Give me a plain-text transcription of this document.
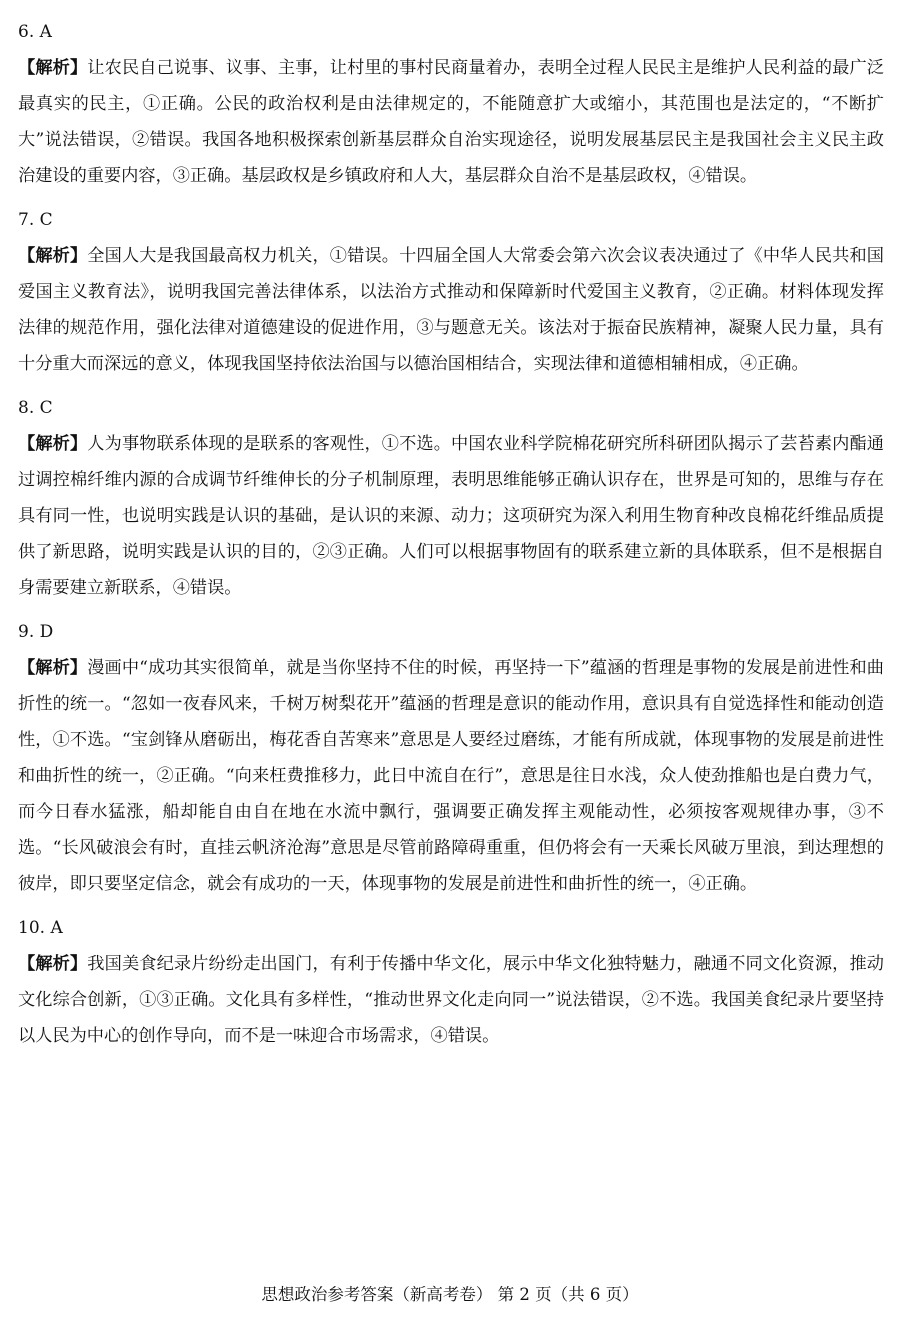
6. A

【解析】让农民自己说事、议事、主事，让村里的事村民商量着办，表明全过程人民民主是维护人民利益的最广泛最真实的民主，①正确。公民的政治权利是由法律规定的，不能随意扩大或缩小，其范围也是法定的，“不断扩大”说法错误，②错误。我国各地积极探索创新基层群众自治实现途径，说明发展基层民主是我国社会主义民主政治建设的重要内容，③正确。基层政权是乡镇政府和人大，基层群众自治不是基层政权，④错误。

7. C

【解析】全国人大是我国最高权力机关，①错误。十四届全国人大常委会第六次会议表决通过了《中华人民共和国爱国主义教育法》，说明我国完善法律体系，以法治方式推动和保障新时代爱国主义教育，②正确。材料体现发挥法律的规范作用，强化法律对道德建设的促进作用，③与题意无关。该法对于振奋民族精神，凝聚人民力量，具有十分重大而深远的意义，体现我国坚持依法治国与以德治国相结合，实现法律和道德相辅相成，④正确。

8. C

【解析】人为事物联系体现的是联系的客观性，①不选。中国农业科学院棉花研究所科研团队揭示了芸苔素内酯通过调控棉纤维内源的合成调节纤维伸长的分子机制原理，表明思维能够正确认识存在，世界是可知的，思维与存在具有同一性，也说明实践是认识的基础，是认识的来源、动力；这项研究为深入利用生物育种改良棉花纤维品质提供了新思路，说明实践是认识的目的，②③正确。人们可以根据事物固有的联系建立新的具体联系，但不是根据自身需要建立新联系，④错误。

9. D

【解析】漫画中“成功其实很简单，就是当你坚持不住的时候，再坚持一下”蕴涵的哲理是事物的发展是前进性和曲折性的统一。“忽如一夜春风来，千树万树梨花开”蕴涵的哲理是意识的能动作用，意识具有自觉选择性和能动创造性，①不选。“宝剑锋从磨砺出，梅花香自苦寒来”意思是人要经过磨练，才能有所成就，体现事物的发展是前进性和曲折性的统一，②正确。“向来枉费推移力，此日中流自在行”，意思是往日水浅，众人使劲推船也是白费力气，而今日春水猛涨，船却能自由自在地在水流中飘行，强调要正确发挥主观能动性，必须按客观规律办事，③不选。“长风破浪会有时，直挂云帆济沧海”意思是尽管前路障碍重重，但仍将会有一天乘长风破万里浪，到达理想的彼岸，即只要坚定信念，就会有成功的一天，体现事物的发展是前进性和曲折性的统一，④正确。

10. A

【解析】我国美食纪录片纷纷走出国门，有利于传播中华文化，展示中华文化独特魅力，融通不同文化资源，推动文化综合创新，①③正确。文化具有多样性，“推动世界文化走向同一”说法错误，②不选。我国美食纪录片要坚持以人民为中心的创作导向，而不是一味迎合市场需求，④错误。

思想政治参考答案（新高考卷） 第 2 页（共 6 页）
